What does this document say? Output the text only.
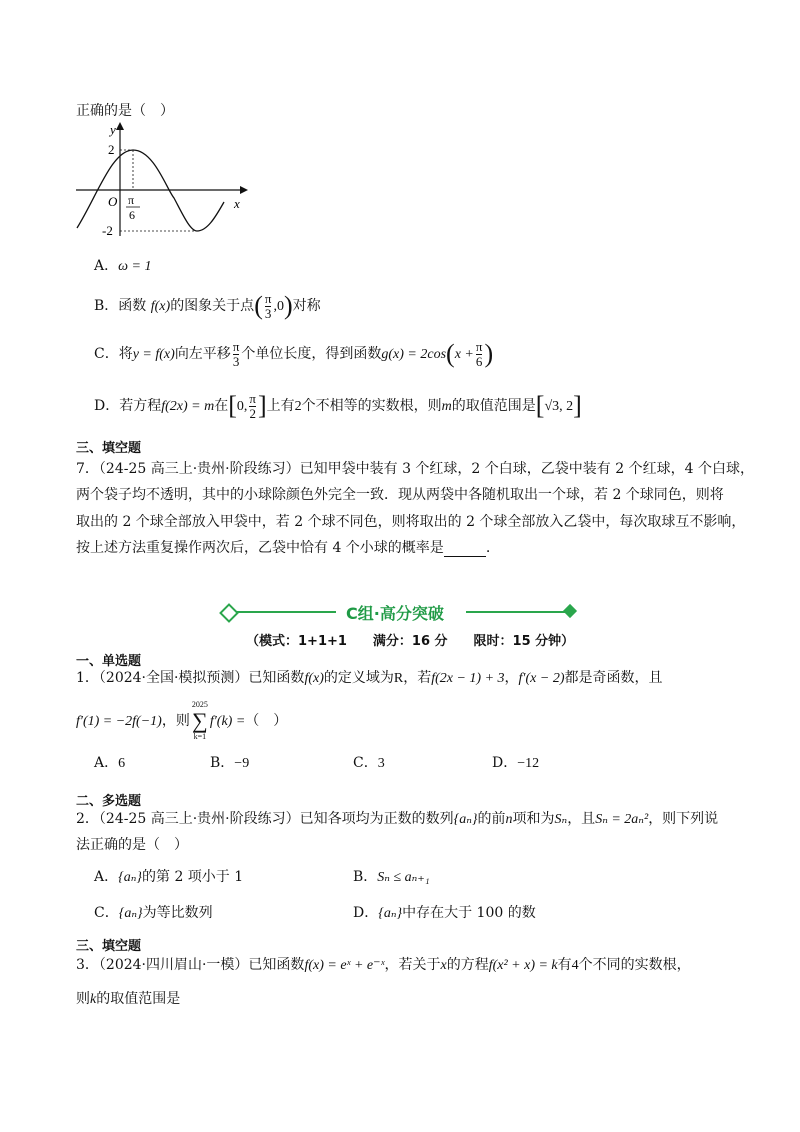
正确的是（　）
y
x
O
2
-2
π
6
A．ω = 1
B．函数 f(x)的图象关于点( $\frac{\pi}{3} ,0$)对称
C．将y = f(x)向左平移 $\frac{\pi}{3}$ 个单位长度，得到函数$g(x) = 2\cos(x + \frac{\pi}{6}$ )
D．若方程f(2x) = m在[0, $\frac{\pi}{2}$ ]上有2个不相等的实数根，则m的取值范围是[√3, 2]
三、填空题
7．（24-25 高三上·贵州·阶段练习）已知甲袋中装有 3 个红球，2 个白球，乙袋中装有 2 个红球，4 个白球，
两个袋子均不透明，其中的小球除颜色外完全一致．现从两袋中各随机取出一个球，若 2 个球同色，则将
取出的 2 个球全部放入甲袋中，若 2 个球不同色，则将取出的 2 个球全部放入乙袋中，每次取球互不影响，
按上述方法重复操作两次后，乙袋中恰有 4 个小球的概率是	.
C组·高分突破
（模式：1+1+1　　满分：16 分　　限时：15 分钟）
一、单选题
1．（2024·全国·模拟预测）已知函数f(x)的定义域为R，若f(2x − 1) + 3，f′(x − 2)都是奇函数，且
f′(1) = −2f(−1)，则
2025
∑
k=1
f′(k) =（　）
A．6	B．−9	C．3	D．−12
二、多选题
2．（24-25 高三上·贵州·阶段练习）已知各项均为正数的数列{aₙ}的前n项和为Sₙ，且Sₙ = 2aₙ²，则下列说
法正确的是（　）
A．{aₙ}的第 2 项小于 1	B．Sₙ ≤ aₙ₊₁
C．{aₙ}为等比数列	D．{aₙ}中存在大于 100 的数
三、填空题
3．（2024·四川眉山·一模）已知函数f(x) = eˣ + e⁻ˣ，若关于x的方程f(x² + x) = k有4个不同的实数根，
则k的取值范围是
